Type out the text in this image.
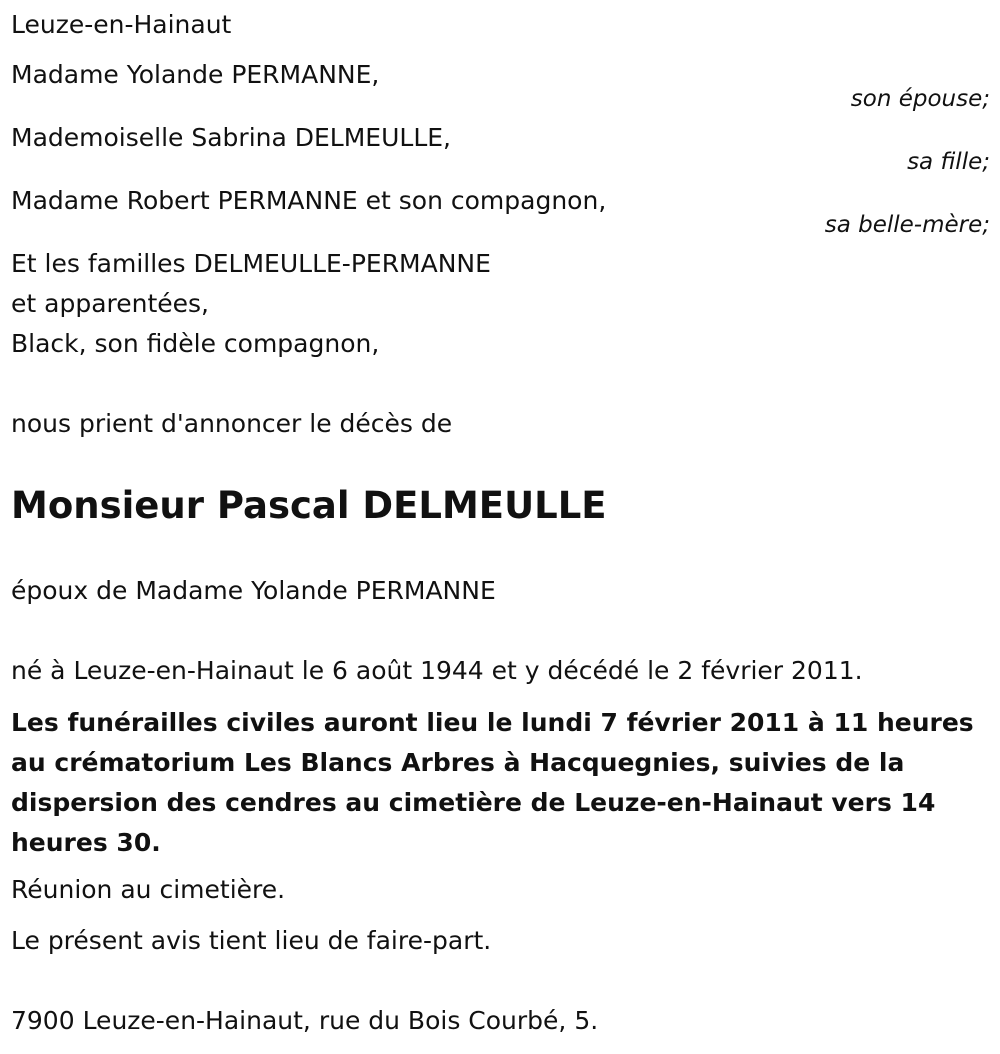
Leuze-en-Hainaut
Madame Yolande PERMANNE,
son épouse;
Mademoiselle Sabrina DELMEULLE,
sa fille;
Madame Robert PERMANNE et son compagnon,
sa belle-mère;
Et les familles DELMEULLE-PERMANNE
et apparentées,
Black, son fidèle compagnon,
nous prient d'annoncer le décès de
Monsieur Pascal DELMEULLE
époux de Madame Yolande PERMANNE
né à Leuze-en-Hainaut le 6 août 1944 et y décédé le 2 février 2011.
Les funérailles civiles auront lieu le lundi 7 février 2011 à 11 heures au crématorium Les Blancs Arbres à Hacquegnies, suivies de la dispersion des cendres au cimetière de Leuze-en-Hainaut vers 14 heures 30.
Réunion au cimetière.
Le présent avis tient lieu de faire-part.
7900 Leuze-en-Hainaut, rue du Bois Courbé, 5.
